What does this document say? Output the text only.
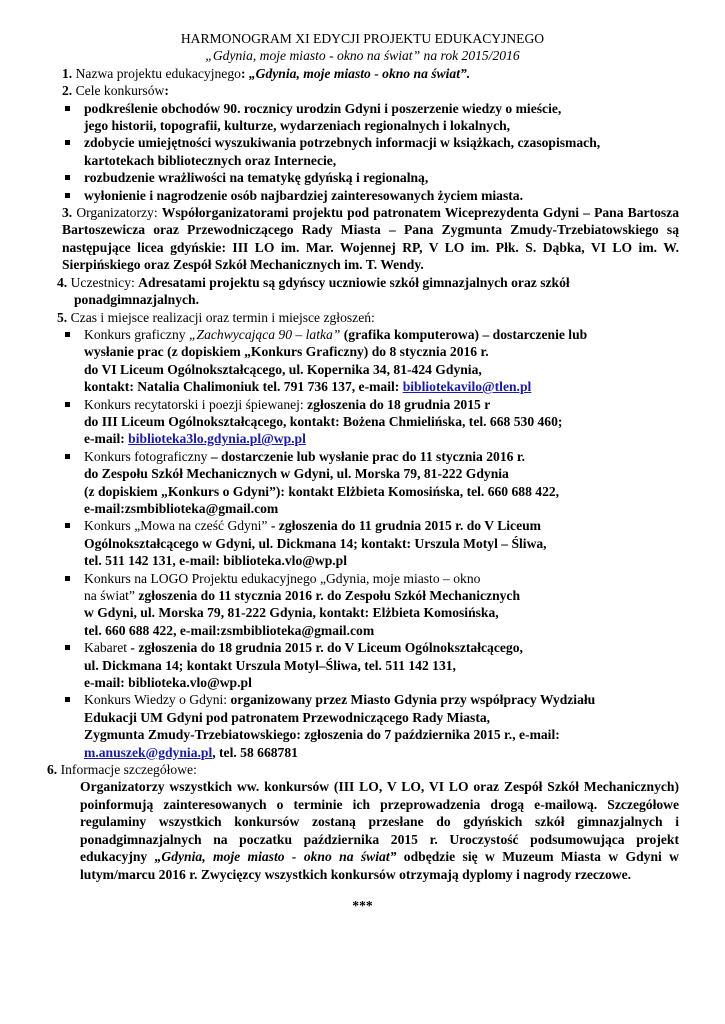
HARMONOGRAM XI EDYCJI PROJEKTU EDUKACYJNEGO
„Gdynia, moje miasto - okno na świat” na rok 2015/2016
1. Nazwa projektu edukacyjnego: „Gdynia, moje miasto - okno na świat”.
2. Cele konkursów:
podkreślenie obchodów 90. rocznicy urodzin Gdyni i poszerzenie wiedzy o mieście,
jego historii, topografii, kulturze, wydarzeniach regionalnych i lokalnych,
zdobycie umiejętności wyszukiwania potrzebnych informacji w książkach, czasopismach,
kartotekach bibliotecznych oraz Internecie,
rozbudzenie wrażliwości na tematykę gdyńską i regionalną,
wyłonienie i nagrodzenie osób najbardziej zainteresowanych życiem miasta.
3. Organizatorzy: Współorganizatorami projektu pod patronatem Wiceprezydenta Gdyni – Pana Bartosza Bartoszewicza oraz Przewodniczącego Rady Miasta – Pana Zygmunta Zmudy-Trzebiatowskiego są następujące licea gdyńskie: III LO im. Mar. Wojennej RP, V LO im. Płk. S. Dąbka, VI LO im. W. Sierpińskiego oraz Zespół Szkół Mechanicznych im. T. Wendy.
4. Uczestnicy: Adresatami projektu są gdyńscy uczniowie szkół gimnazjalnych oraz szkół
ponadgimnazjalnych.
5. Czas i miejsce realizacji oraz termin i miejsce zgłoszeń:
Konkurs graficzny „Zachwycająca 90 – latka” (grafika komputerowa) – dostarczenie lub
wysłanie prac (z dopiskiem „Konkurs Graficzny) do 8 stycznia 2016 r.
do VI Liceum Ogólnokształcącego, ul. Kopernika 34, 81-424 Gdynia,
kontakt: Natalia Chalimoniuk tel. 791 736 137, e-mail: bibliotekavilo@tlen.pl
Konkurs recytatorski i poezji śpiewanej: zgłoszenia do 18 grudnia 2015 r
do III Liceum Ogólnokształcącego, kontakt: Bożena Chmielińska, tel. 668 530 460;
e-mail: biblioteka3lo.gdynia.pl@wp.pl
Konkurs fotograficzny – dostarczenie lub wysłanie prac do 11 stycznia 2016 r.
do Zespołu Szkół Mechanicznych w Gdyni, ul. Morska 79, 81-222 Gdynia
(z dopiskiem „Konkurs o Gdyni”): kontakt Elżbieta Komosińska, tel. 660 688 422,
e-mail:zsmbiblioteka@gmail.com
Konkurs „Mowa na cześć Gdyni” - zgłoszenia do 11 grudnia 2015 r. do V Liceum
Ogólnokształcącego w Gdyni, ul. Dickmana 14; kontakt: Urszula Motyl – Śliwa,
tel. 511 142 131, e-mail: biblioteka.vlo@wp.pl
Konkurs na LOGO Projektu edukacyjnego „Gdynia, moje miasto – okno
na świat” zgłoszenia do 11 stycznia 2016 r. do Zespołu Szkół Mechanicznych
w Gdyni, ul. Morska 79, 81-222 Gdynia, kontakt: Elżbieta Komosińska,
tel. 660 688 422, e-mail:zsmbiblioteka@gmail.com
Kabaret - zgłoszenia do 18 grudnia 2015 r. do V Liceum Ogólnokształcącego,
ul. Dickmana 14; kontakt Urszula Motyl–Śliwa, tel. 511 142 131,
e-mail: biblioteka.vlo@wp.pl
Konkurs Wiedzy o Gdyni: organizowany przez Miasto Gdynia przy współpracy Wydziału
Edukacji UM Gdyni pod patronatem Przewodniczącego Rady Miasta,
Zygmunta Zmudy-Trzebiatowskiego: zgłoszenia do 7 października 2015 r., e-mail:
m.anuszek@gdynia.pl, tel. 58 668781
6. Informacje szczegółowe:
Organizatorzy wszystkich ww. konkursów (III LO, V LO, VI LO oraz Zespół Szkół Mechanicznych) poinformują zainteresowanych o terminie ich przeprowadzenia drogą e-mailową. Szczegółowe regulaminy wszystkich konkursów zostaną przesłane do gdyńskich szkół gimnazjalnych i ponadgimnazjalnych na poczatku października 2015 r. Uroczystość podsumowująca projekt edukacyjny „Gdynia, moje miasto - okno na świat” odbędzie się w Muzeum Miasta w Gdyni w lutym/marcu 2016 r. Zwycięzcy wszystkich konkursów otrzymają dyplomy i nagrody rzeczowe.
***
